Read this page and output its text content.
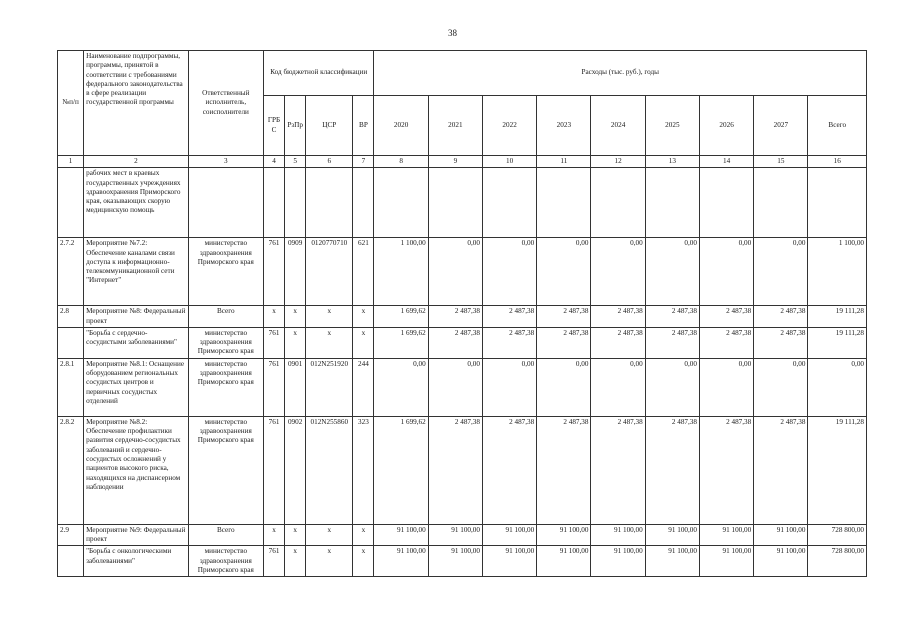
38
№п/п	Наименование подпрограммы, программы, принятой в соответствии с требованиями федерального законодательства в сфере реализации государственной программы	Ответственный исполнитель, соисполнители	Код бюджетной классификации				Расходы (тыс. руб.), годы								
			ГРБС	РзПр	ЦСР	ВР	2020	2021	2022	2023	2024	2025	2026	2027	Всего
1	2	3	4	5	6	7	8	9	10	11	12	13	14	15	16
	рабочих мест в краевых государственных учреждениях здравоохранения Приморского края, оказывающих скорую медицинскую помощь														
2.7.2	Мероприятие №7.2: Обеспечение каналами связи доступа к информационно-телекоммуникационной сети "Интернет"	министерство здравоохранения Приморского края	761	0909	0120770710	621	1 100,00	0,00	0,00	0,00	0,00	0,00	0,00	0,00	1 100,00
2.8	Мероприятие №8: Федеральный проект	Всего	х	х	х	х	1 699,62	2 487,38	2 487,38	2 487,38	2 487,38	2 487,38	2 487,38	2 487,38	19 111,28
	"Борьба с сердечно-сосудистыми заболеваниями"	министерство здравоохранения Приморского края	761	х	х	х	1 699,62	2 487,38	2 487,38	2 487,38	2 487,38	2 487,38	2 487,38	2 487,38	19 111,28
2.8.1	Мероприятие №8.1: Оснащение оборудованием региональных сосудистых центров и первичных сосудистых отделений	министерство здравоохранения Приморского края	761	0901	012N251920	244	0,00	0,00	0,00	0,00	0,00	0,00	0,00	0,00	0,00
2.8.2	Мероприятие №8.2: Обеспечение профилактики развития сердечно-сосудистых заболеваний и сердечно-сосудистых осложнений у пациентов высокого риска, находящихся на диспансерном наблюдении	министерство здравоохранения Приморского края	761	0902	012N255860	323	1 699,62	2 487,38	2 487,38	2 487,38	2 487,38	2 487,38	2 487,38	2 487,38	19 111,28
2.9	Мероприятие №9: Федеральный проект	Всего	х	х	х	х	91 100,00	91 100,00	91 100,00	91 100,00	91 100,00	91 100,00	91 100,00	91 100,00	728 800,00
	"Борьба с онкологическими заболеваниями"	министерство здравоохранения Приморского края	761	х	х	х	91 100,00	91 100,00	91 100,00	91 100,00	91 100,00	91 100,00	91 100,00	91 100,00	728 800,00
